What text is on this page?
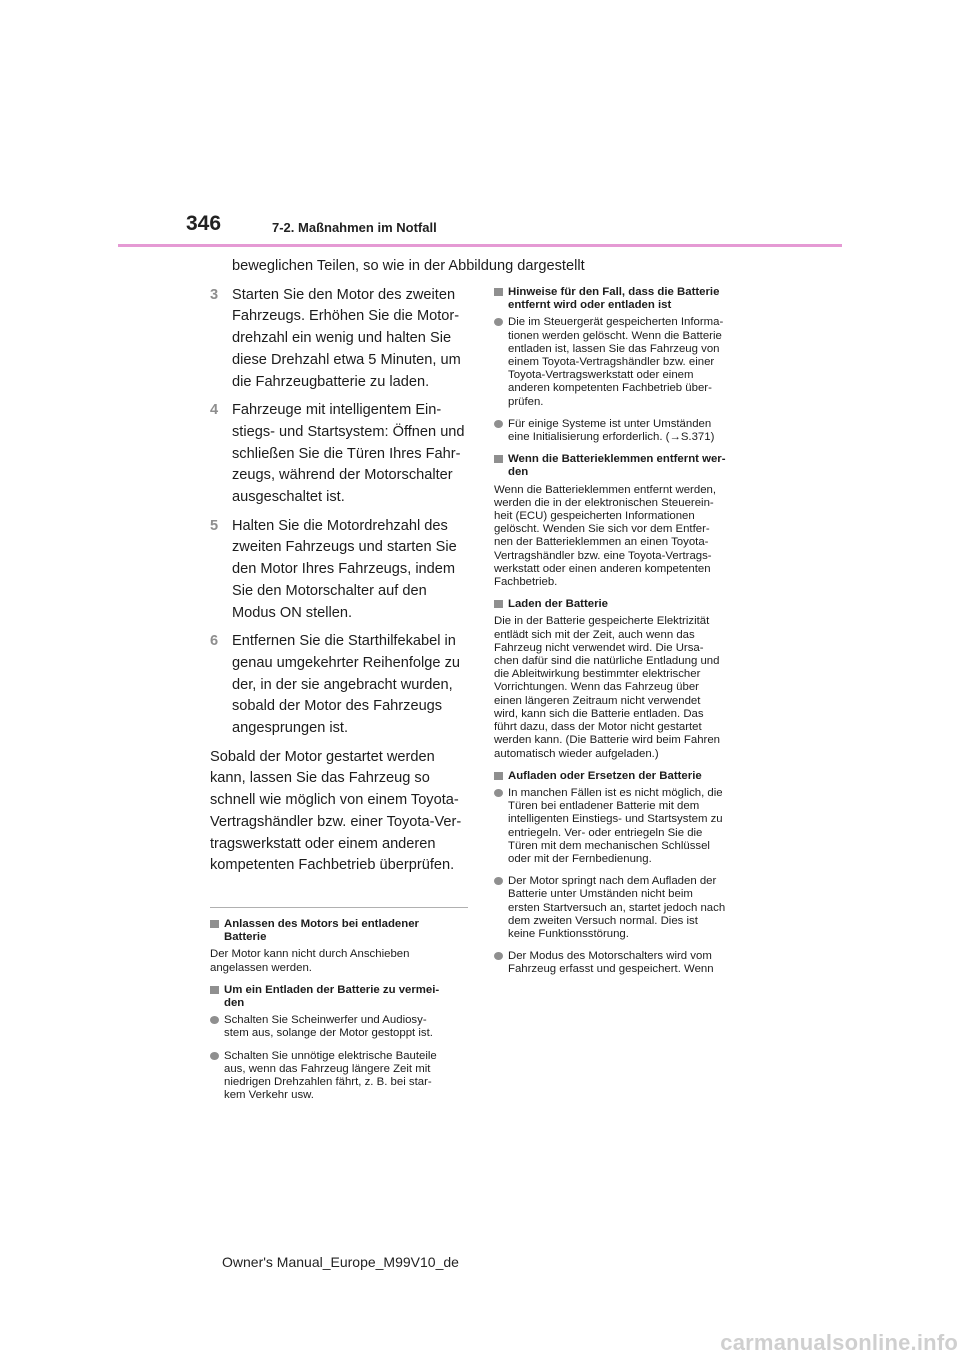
346	7-2. Maßnahmen im Notfall
beweglichen Teilen, so wie in der Abbildung dargestellt
3 Starten Sie den Motor des zweiten
Fahrzeugs. Erhöhen Sie die Motor-
drehzahl ein wenig und halten Sie
diese Drehzahl etwa 5 Minuten, um
die Fahrzeugbatterie zu laden.
4 Fahrzeuge mit intelligentem Ein-
stiegs- und Startsystem: Öffnen und
schließen Sie die Türen Ihres Fahr-
zeugs, während der Motorschalter
ausgeschaltet ist.
5 Halten Sie die Motordrehzahl des
zweiten Fahrzeugs und starten Sie
den Motor Ihres Fahrzeugs, indem
Sie den Motorschalter auf den
Modus ON stellen.
6 Entfernen Sie die Starthilfekabel in
genau umgekehrter Reihenfolge zu
der, in der sie angebracht wurden,
sobald der Motor des Fahrzeugs
angesprungen ist.
Sobald der Motor gestartet werden
kann, lassen Sie das Fahrzeug so
schnell wie möglich von einem Toyota-
Vertragshändler bzw. einer Toyota-Ver-
tragswerkstatt oder einem anderen
kompetenten Fachbetrieb überprüfen.
Anlassen des Motors bei entladener
Batterie
Der Motor kann nicht durch Anschieben
angelassen werden.
Um ein Entladen der Batterie zu vermei-
den
Schalten Sie Scheinwerfer und Audiosy-
stem aus, solange der Motor gestoppt ist.
Schalten Sie unnötige elektrische Bauteile
aus, wenn das Fahrzeug längere Zeit mit
niedrigen Drehzahlen fährt, z. B. bei star-
kem Verkehr usw.
Hinweise für den Fall, dass die Batterie
entfernt wird oder entladen ist
Die im Steuergerät gespeicherten Informa-
tionen werden gelöscht. Wenn die Batterie
entladen ist, lassen Sie das Fahrzeug von
einem Toyota-Vertragshändler bzw. einer
Toyota-Vertragswerkstatt oder einem
anderen kompetenten Fachbetrieb über-
prüfen.
Für einige Systeme ist unter Umständen
eine Initialisierung erforderlich. (→S.371)
Wenn die Batterieklemmen entfernt wer-
den
Wenn die Batterieklemmen entfernt werden,
werden die in der elektronischen Steuerein-
heit (ECU) gespeicherten Informationen
gelöscht. Wenden Sie sich vor dem Entfer-
nen der Batterieklemmen an einen Toyota-
Vertragshändler bzw. eine Toyota-Vertrags-
werkstatt oder einen anderen kompetenten
Fachbetrieb.
Laden der Batterie
Die in der Batterie gespeicherte Elektrizität
entlädt sich mit der Zeit, auch wenn das
Fahrzeug nicht verwendet wird. Die Ursa-
chen dafür sind die natürliche Entladung und
die Ableitwirkung bestimmter elektrischer
Vorrichtungen. Wenn das Fahrzeug über
einen längeren Zeitraum nicht verwendet
wird, kann sich die Batterie entladen. Das
führt dazu, dass der Motor nicht gestartet
werden kann. (Die Batterie wird beim Fahren
automatisch wieder aufgeladen.)
Aufladen oder Ersetzen der Batterie
In manchen Fällen ist es nicht möglich, die
Türen bei entladener Batterie mit dem
intelligenten Einstiegs- und Startsystem zu
entriegeln. Ver- oder entriegeln Sie die
Türen mit dem mechanischen Schlüssel
oder mit der Fernbedienung.
Der Motor springt nach dem Aufladen der
Batterie unter Umständen nicht beim
ersten Startversuch an, startet jedoch nach
dem zweiten Versuch normal. Dies ist
keine Funktionsstörung.
Der Modus des Motorschalters wird vom
Fahrzeug erfasst und gespeichert. Wenn
Owner's Manual_Europe_M99V10_de
carmanualsonline.info
